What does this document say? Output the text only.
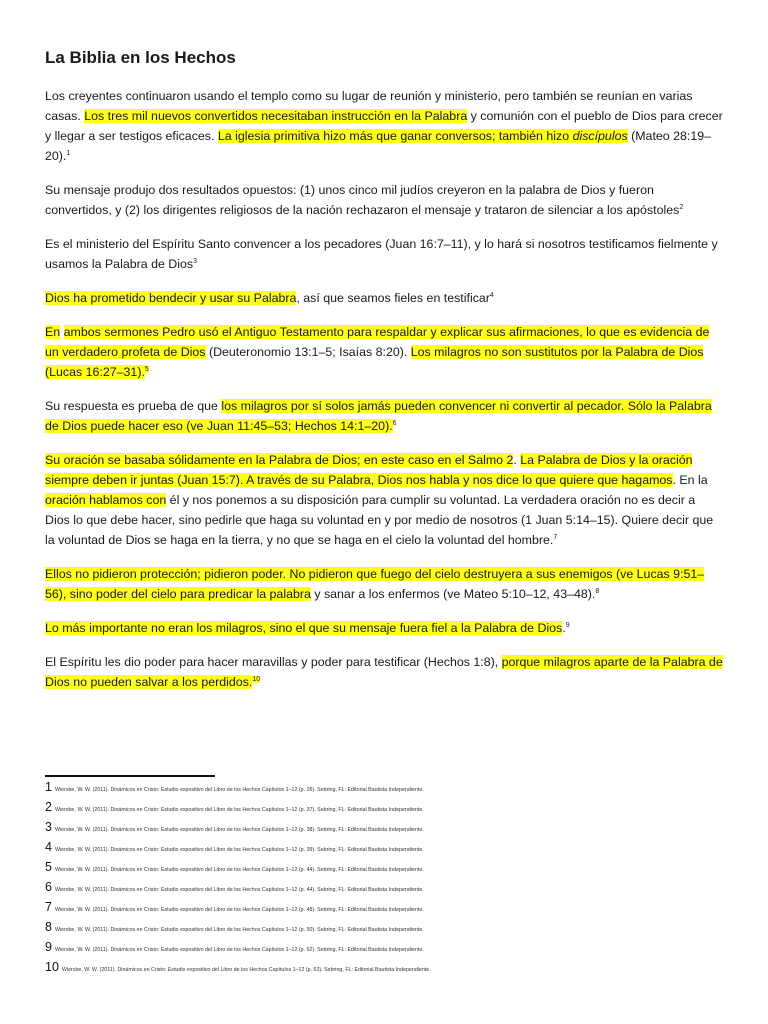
La Biblia en los Hechos

Los creyentes continuaron usando el templo como su lugar de reunión y ministerio, pero también se reunían en varias casas. Los tres mil nuevos convertidos necesitaban instrucción en la Palabra y comunión con el pueblo de Dios para crecer y llegar a ser testigos eficaces. La iglesia primitiva hizo más que ganar conversos; también hizo discípulos (Mateo 28:19–20).$^1$

Su mensaje produjo dos resultados opuestos: (1) unos cinco mil judíos creyeron en la palabra de Dios y fueron convertidos, y (2) los dirigentes religiosos de la nación rechazaron el mensaje y trataron de silenciar a los apóstoles$^2$

Es el ministerio del Espíritu Santo convencer a los pecadores (Juan 16:7–11), y lo hará si nosotros testificamos fielmente y usamos la Palabra de Dios$^3$

Dios ha prometido bendecir y usar su Palabra, así que seamos fieles en testificar$^4$

En ambos sermones Pedro usó el Antiguo Testamento para respaldar y explicar sus afirmaciones, lo que es evidencia de un verdadero profeta de Dios (Deuteronomio 13:1–5; Isaías 8:20). Los milagros no son sustitutos por la Palabra de Dios (Lucas 16:27–31).$^5$

Su respuesta es prueba de que los milagros por sí solos jamás pueden convencer ni convertir al pecador. Sólo la Palabra de Dios puede hacer eso (ve Juan 11:45–53; Hechos 14:1–20).$^6$

Su oración se basaba sólidamente en la Palabra de Dios; en este caso en el Salmo 2. La Palabra de Dios y la oración siempre deben ir juntas (Juan 15:7). A través de su Palabra, Dios nos habla y nos dice lo que quiere que hagamos. En la oración hablamos con él y nos ponemos a su disposición para cumplir su voluntad. La verdadera oración no es decir a Dios lo que debe hacer, sino pedirle que haga su voluntad en y por medio de nosotros (1 Juan 5:14–15). Quiere decir que la voluntad de Dios se haga en la tierra, y no que se haga en el cielo la voluntad del hombre.$^7$

Ellos no pidieron protección; pidieron poder. No pidieron que fuego del cielo destruyera a sus enemigos (ve Lucas 9:51–56), sino poder del cielo para predicar la palabra y sanar a los enfermos (ve Mateo 5:10–12, 43–48).$^8$

Lo más importante no eran los milagros, sino el que su mensaje fuera fiel a la Palabra de Dios.$^9$

El Espíritu les dio poder para hacer maravillas y poder para testificar (Hechos 1:8), porque milagros aparte de la Palabra de Dios no pueden salvar a los perdidos.$^{10}$

1 Wiersbe, W. W. (2011). Dinámicos en Cristo: Estudio expositivo del Libro de los Hechos Capítulos 1–12 (p. 26). Sebring, FL: Editorial Bautista Independiente.
2 Wiersbe, W. W. (2011). Dinámicos en Cristo: Estudio expositivo del Libro de los Hechos Capítulos 1–12 (p. 37). Sebring, FL: Editorial Bautista Independiente.
3 Wiersbe, W. W. (2011). Dinámicos en Cristo: Estudio expositivo del Libro de los Hechos Capítulos 1–12 (p. 38). Sebring, FL: Editorial Bautista Independiente.
4 Wiersbe, W. W. (2011). Dinámicos en Cristo: Estudio expositivo del Libro de los Hechos Capítulos 1–12 (p. 39). Sebring, FL: Editorial Bautista Independiente.
5 Wiersbe, W. W. (2011). Dinámicos en Cristo: Estudio expositivo del Libro de los Hechos Capítulos 1–12 (p. 44). Sebring, FL: Editorial Bautista Independiente.
6 Wiersbe, W. W. (2011). Dinámicos en Cristo: Estudio expositivo del Libro de los Hechos Capítulos 1–12 (p. 44). Sebring, FL: Editorial Bautista Independiente.
7 Wiersbe, W. W. (2011). Dinámicos en Cristo: Estudio expositivo del Libro de los Hechos Capítulos 1–12 (p. 48). Sebring, FL: Editorial Bautista Independiente.
8 Wiersbe, W. W. (2011). Dinámicos en Cristo: Estudio expositivo del Libro de los Hechos Capítulos 1–12 (p. 50). Sebring, FL: Editorial Bautista Independiente.
9 Wiersbe, W. W. (2011). Dinámicos en Cristo: Estudio expositivo del Libro de los Hechos Capítulos 1–12 (p. 62). Sebring, FL: Editorial Bautista Independiente.
10 Wiersbe, W. W. (2011). Dinámicos en Cristo: Estudio expositivo del Libro de los Hechos Capítulos 1–12 (p. 63). Sebring, FL: Editorial Bautista Independiente.
